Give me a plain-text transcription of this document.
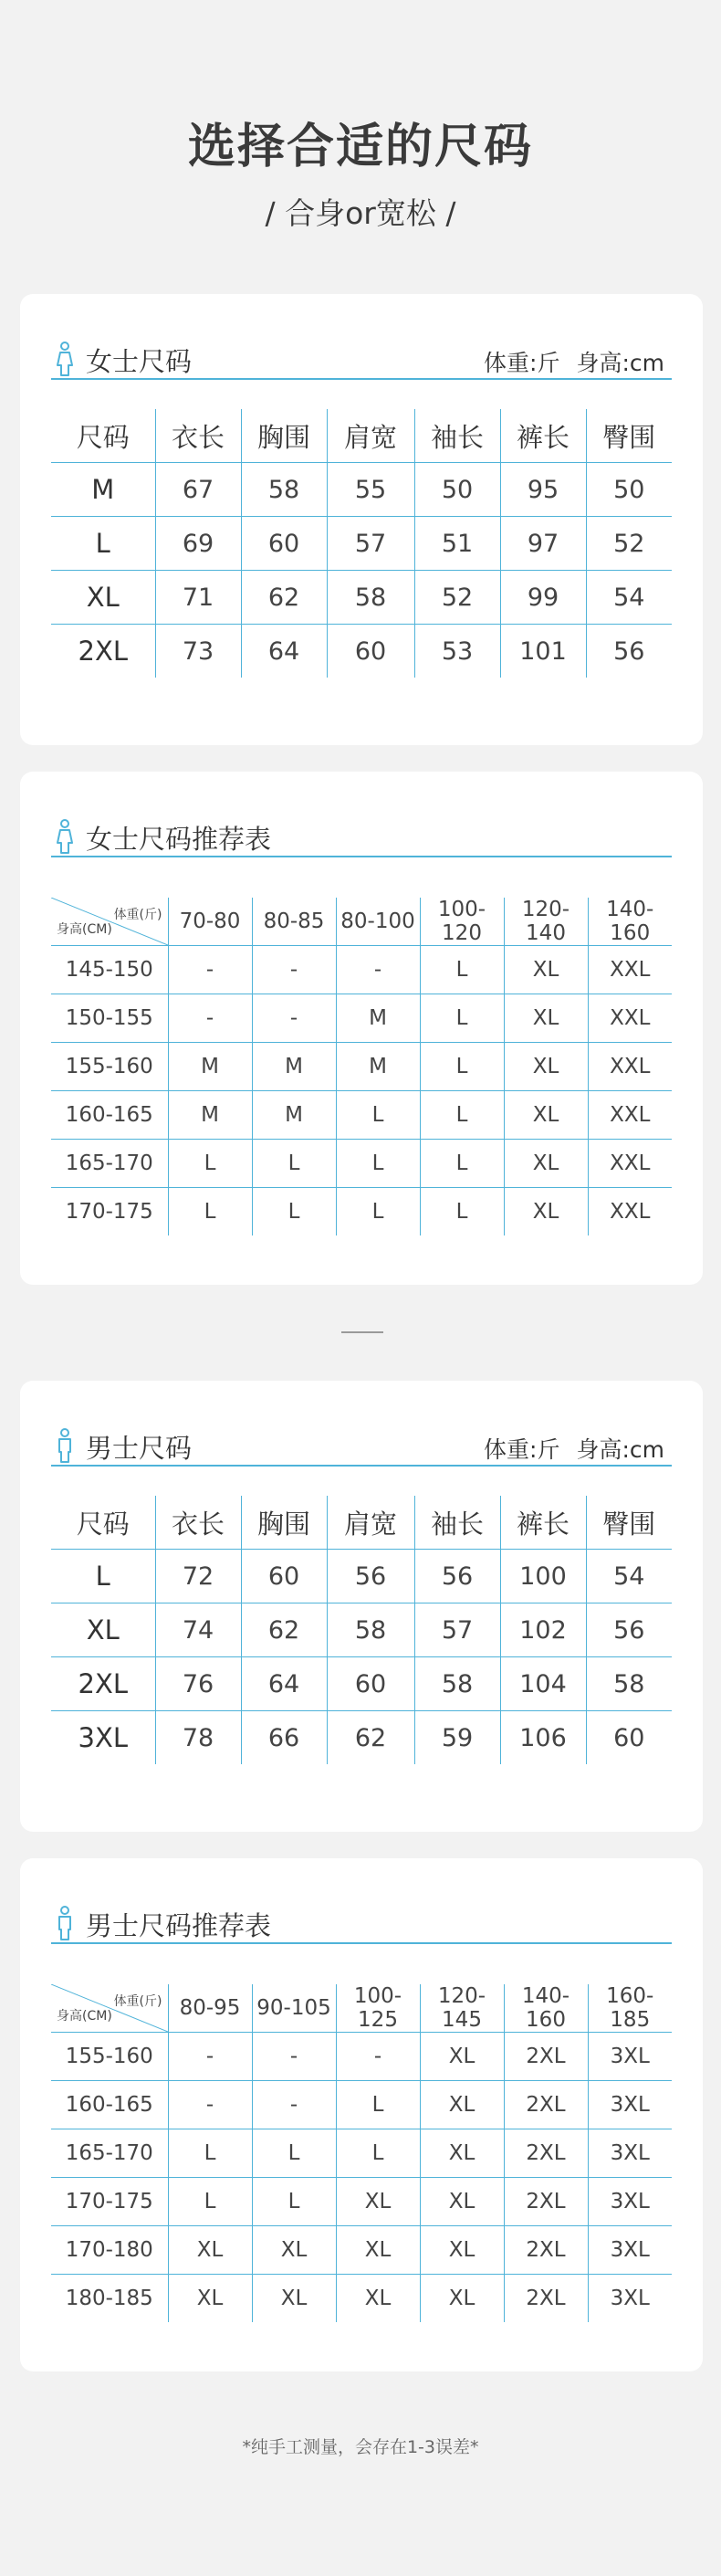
选择合适的尺码
/ 合身or宽松 /
女士尺码	体重:斤 身高:cm
尺码	衣长	胸围	肩宽	袖长	裤长	臀围
M	67	58	55	50	95	50
L	69	60	57	51	97	52
XL	71	62	58	52	99	54
2XL	73	64	60	53	101	56
女士尺码推荐表
体重(斤)
身高(CM)	70-80	80-85	80-100	100-120	120-140	140-160
145-150	-	-	-	L	XL	XXL
150-155	-	-	M	L	XL	XXL
155-160	M	M	M	L	XL	XXL
160-165	M	M	L	L	XL	XXL
165-170	L	L	L	L	XL	XXL
170-175	L	L	L	L	XL	XXL
男士尺码	体重:斤 身高:cm
尺码	衣长	胸围	肩宽	袖长	裤长	臀围
L	72	60	56	56	100	54
XL	74	62	58	57	102	56
2XL	76	64	60	58	104	58
3XL	78	66	62	59	106	60
男士尺码推荐表
体重(斤)
身高(CM)	80-95	90-105	100-125	120-145	140-160	160-185
155-160	-	-	-	XL	2XL	3XL
160-165	-	-	L	XL	2XL	3XL
165-170	L	L	L	XL	2XL	3XL
170-175	L	L	XL	XL	2XL	3XL
170-180	XL	XL	XL	XL	2XL	3XL
180-185	XL	XL	XL	XL	2XL	3XL
*纯手工测量，会存在1-3误差*
